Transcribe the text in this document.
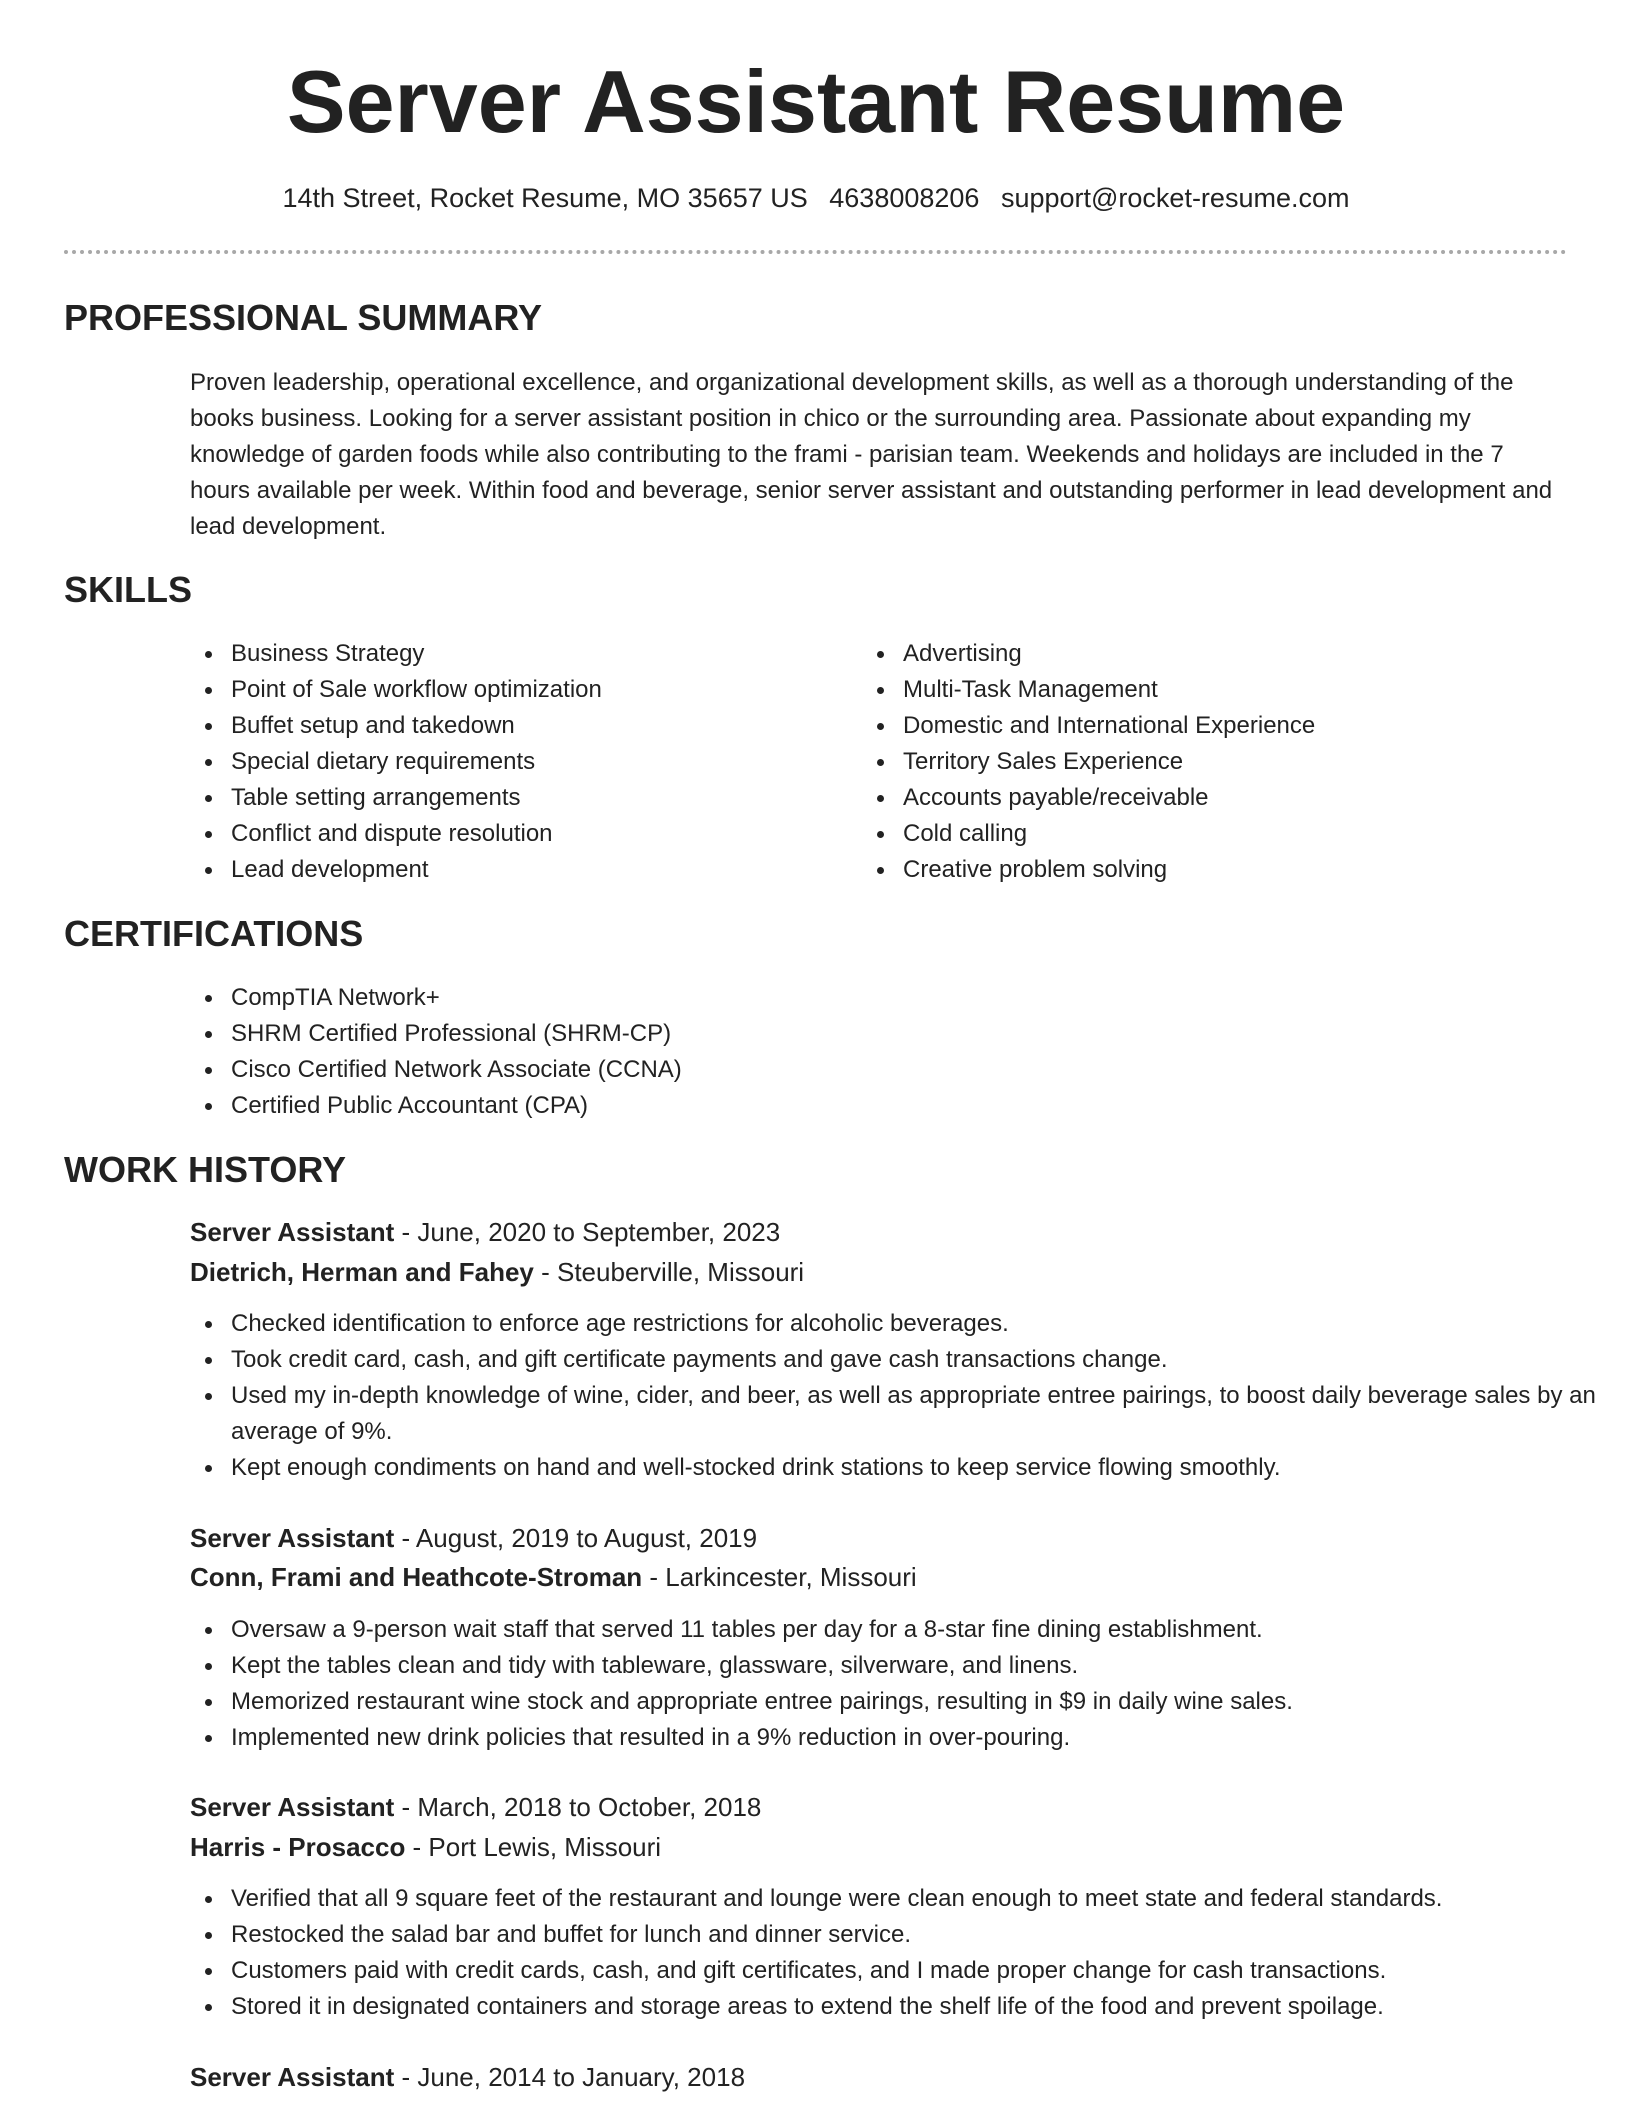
Server Assistant Resume
14th Street, Rocket Resume, MO 35657 US 4638008206 support@rocket-resume.com
PROFESSIONAL SUMMARY

Proven leadership, operational excellence, and organizational development skills, as well as a thorough understanding of the books business. Looking for a server assistant position in chico or the surrounding area. Passionate about expanding my knowledge of garden foods while also contributing to the frami - parisian team. Weekends and holidays are included in the 7 hours available per week. Within food and beverage, senior server assistant and outstanding performer in lead development and lead development.

SKILLS
Business Strategy
Point of Sale workflow optimization
Buffet setup and takedown
Special dietary requirements
Table setting arrangements
Conflict and dispute resolution
Lead development
Advertising
Multi-Task Management
Domestic and International Experience
Territory Sales Experience
Accounts payable/receivable
Cold calling
Creative problem solving
CERTIFICATIONS
CompTIA Network+
SHRM Certified Professional (SHRM-CP)
Cisco Certified Network Associate (CCNA)
Certified Public Accountant (CPA)
WORK HISTORY
Server Assistant - June, 2020 to September, 2023
Dietrich, Herman and Fahey - Steuberville, Missouri
Checked identification to enforce age restrictions for alcoholic beverages.
Took credit card, cash, and gift certificate payments and gave cash transactions change.
Used my in-depth knowledge of wine, cider, and beer, as well as appropriate entree pairings, to boost daily beverage sales by an average of 9%.
Kept enough condiments on hand and well-stocked drink stations to keep service flowing smoothly.
Server Assistant - August, 2019 to August, 2019
Conn, Frami and Heathcote-Stroman - Larkincester, Missouri
Oversaw a 9-person wait staff that served 11 tables per day for a 8-star fine dining establishment.
Kept the tables clean and tidy with tableware, glassware, silverware, and linens.
Memorized restaurant wine stock and appropriate entree pairings, resulting in $9 in daily wine sales.
Implemented new drink policies that resulted in a 9% reduction in over-pouring.
Server Assistant - March, 2018 to October, 2018
Harris - Prosacco - Port Lewis, Missouri
Verified that all 9 square feet of the restaurant and lounge were clean enough to meet state and federal standards.
Restocked the salad bar and buffet for lunch and dinner service.
Customers paid with credit cards, cash, and gift certificates, and I made proper change for cash transactions.
Stored it in designated containers and storage areas to extend the shelf life of the food and prevent spoilage.
Server Assistant - June, 2014 to January, 2018
